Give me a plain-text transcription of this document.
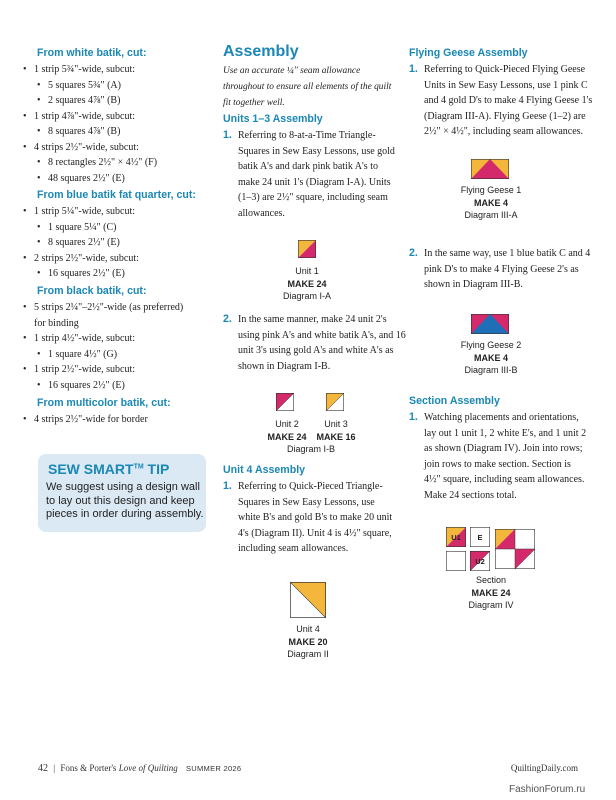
From white batik, cut:
• 1 strip 5¾"-wide, subcut:
• 5 squares 5¾" (A)
• 2 squares 4⅞" (B)
• 1 strip 4⅞"-wide, subcut:
• 8 squares 4⅞" (B)
• 4 strips 2½"-wide, subcut:
• 8 rectangles 2½" × 4½" (F)
• 48 squares 2½" (E)
From blue batik fat quarter, cut:
• 1 strip 5¼"-wide, subcut:
• 1 square 5¼" (C)
• 8 squares 2½" (E)
• 2 strips 2½"-wide, subcut:
• 16 squares 2½" (E)
From black batik, cut:
• 5 strips 2¼"–2½"-wide (as preferred)
for binding
• 1 strip 4½"-wide, subcut:
• 1 square 4½" (G)
• 1 strip 2½"-wide, subcut:
• 16 squares 2½" (E)
From multicolor batik, cut:
• 4 strips 2½"-wide for border
SEW SMART™ TIP
We suggest using a design wall to lay out this design and keep pieces in order during assembly.
Assembly
Use an accurate ¼" seam allowance throughout to ensure all elements of the quilt fit together well.
Units 1–3 Assembly
1. Referring to 8-at-a-Time Triangle-Squares in Sew Easy Lessons, use gold batik A's and dark pink batik A's to make 24 unit 1's (Diagram I-A). Units (1–3) are 2½" square, including seam allowances.
Unit 1
MAKE 24
Diagram I-A
2. In the same manner, make 24 unit 2's using pink A's and white batik A's, and 16 unit 3's using gold A's and white A's as shown in Diagram I-B.
Unit 2
MAKE 24
Unit 3
MAKE 16
Diagram I-B
Unit 4 Assembly
1. Referring to Quick-Pieced Triangle-Squares in Sew Easy Lessons, use white B's and gold B's to make 20 unit 4's (Diagram II). Unit 4 is 4½" square, including seam allowances.
Unit 4
MAKE 20
Diagram II
Flying Geese Assembly
1. Referring to Quick-Pieced Flying Geese Units in Sew Easy Lessons, use 1 pink C and 4 gold D's to make 4 Flying Geese 1's (Diagram III-A). Flying Geese (1–2) are 2½" × 4½", including seam allowances.
Flying Geese 1
MAKE 4
Diagram III-A
2. In the same way, use 1 blue batik C and 4 pink D's to make 4 Flying Geese 2's as shown in Diagram III-B.
Flying Geese 2
MAKE 4
Diagram III-B
Section Assembly
1. Watching placements and orientations, lay out 1 unit 1, 2 white E's, and 1 unit 2 as shown (Diagram IV). Join into rows; join rows to make section. Section is 4½" square, including seam allowances. Make 24 sections total.
U1 E
U2
Section
MAKE 24
Diagram IV
42 | Fons & Porter's Love of Quilting SUMMER 2026	QuiltingDaily.com
FashionForum.ru
